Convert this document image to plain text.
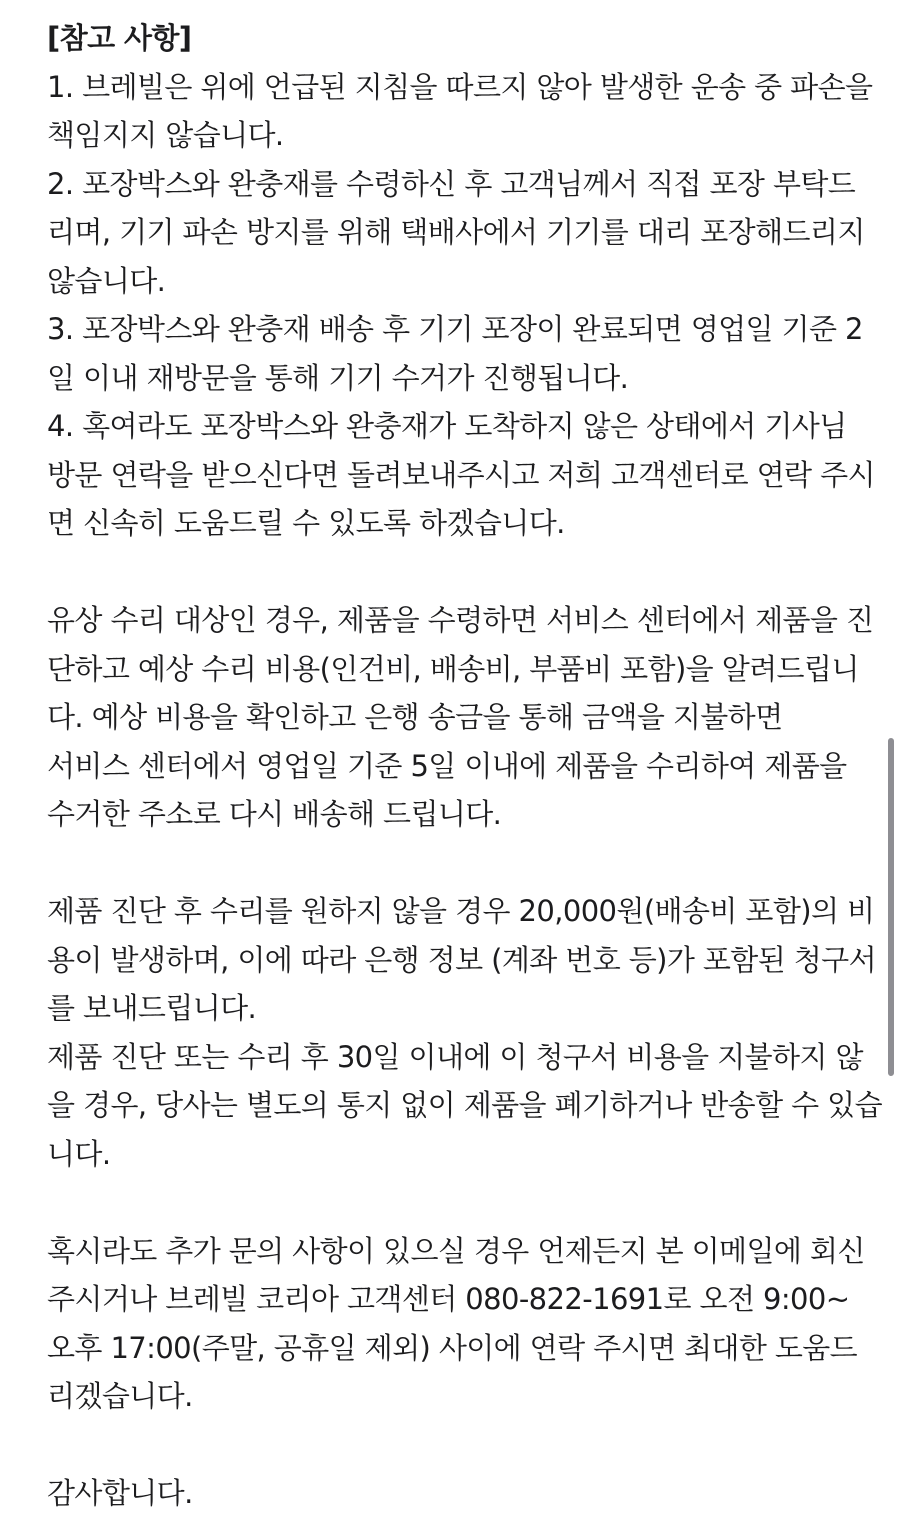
[참고 사항]
1. 브레빌은 위에 언급된 지침을 따르지 않아 발생한 운송 중 파손을
책임지지 않습니다.
2. 포장박스와 완충재를 수령하신 후 고객님께서 직접 포장 부탁드
리며, 기기 파손 방지를 위해 택배사에서 기기를 대리 포장해드리지
않습니다.
3. 포장박스와 완충재 배송 후 기기 포장이 완료되면 영업일 기준 2
일 이내 재방문을 통해 기기 수거가 진행됩니다.
4. 혹여라도 포장박스와 완충재가 도착하지 않은 상태에서 기사님
방문 연락을 받으신다면 돌려보내주시고 저희 고객센터로 연락 주시
면 신속히 도움드릴 수 있도록 하겠습니다.
유상 수리 대상인 경우, 제품을 수령하면 서비스 센터에서 제품을 진
단하고 예상 수리 비용(인건비, 배송비, 부품비 포함)을 알려드립니
다. 예상 비용을 확인하고 은행 송금을 통해 금액을 지불하면
서비스 센터에서 영업일 기준 5일 이내에 제품을 수리하여 제품을
수거한 주소로 다시 배송해 드립니다.
제품 진단 후 수리를 원하지 않을 경우 20,000원(배송비 포함)의 비
용이 발생하며, 이에 따라 은행 정보 (계좌 번호 등)가 포함된 청구서
를 보내드립니다.
제품 진단 또는 수리 후 30일 이내에 이 청구서 비용을 지불하지 않
을 경우, 당사는 별도의 통지 없이 제품을 폐기하거나 반송할 수 있습
니다.
혹시라도 추가 문의 사항이 있으실 경우 언제든지 본 이메일에 회신
주시거나 브레빌 코리아 고객센터 080-822-1691로 오전 9:00~
오후 17:00(주말, 공휴일 제외) 사이에 연락 주시면 최대한 도움드
리겠습니다.
감사합니다.
